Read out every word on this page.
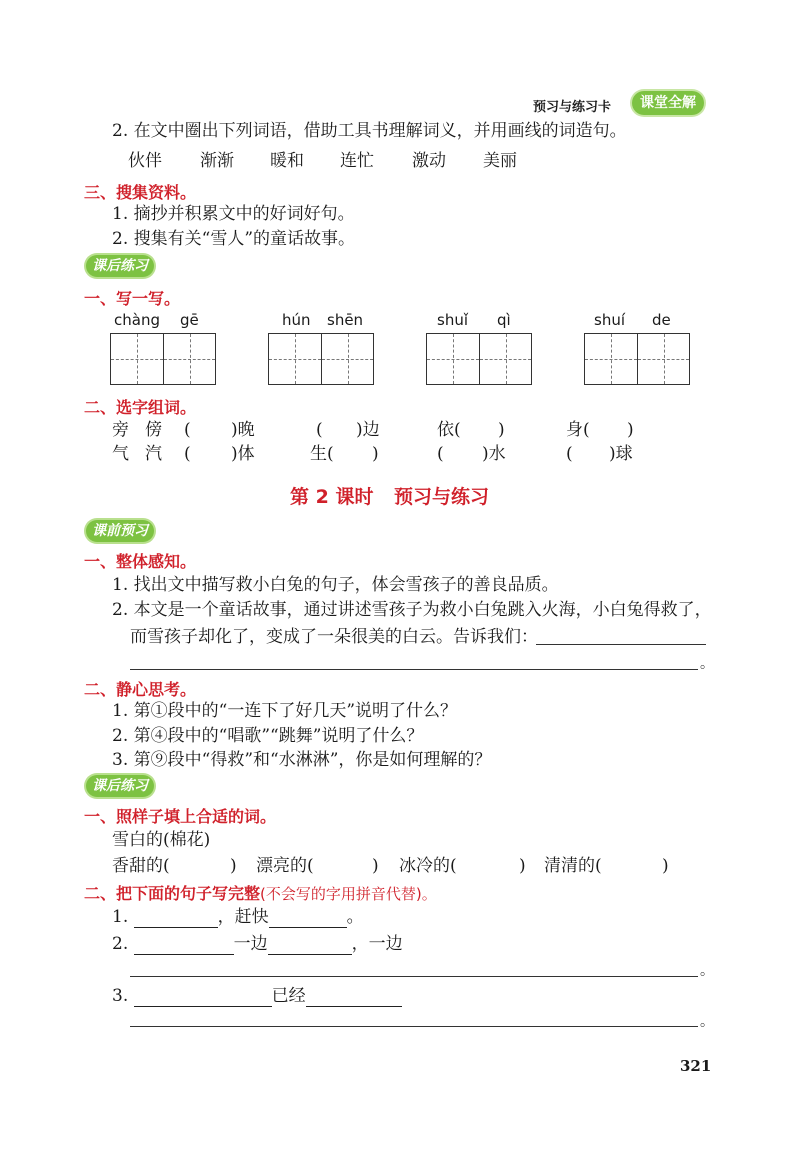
预习与练习卡	课堂全解
2. 在文中圈出下列词语，借助工具书理解词义，并用画线的词造句。
伙伴 渐渐 暖和 连忙 激动 美丽
三、搜集资料。
1. 摘抄并积累文中的好词好句。
2. 搜集有关“雪人”的童话故事。
课后练习
一、写一写。
chàng gē	hún shēn	shuǐ qì	shuí de
二、选字组词。
旁 傍 ( )晚	( )边	依( )	身( )
气 汽 ( )体	生( )	( )水	( )球
第 2 课时 预习与练习
课前预习
一、整体感知。
1. 找出文中描写救小白兔的句子，体会雪孩子的善良品质。
2. 本文是一个童话故事，通过讲述雪孩子为救小白兔跳入火海，小白兔得救了，
而雪孩子却化了，变成了一朵很美的白云。告诉我们：
。
二、静心思考。
1. 第①段中的“一连下了好几天”说明了什么？
2. 第④段中的“唱歌”“跳舞”说明了什么？
3. 第⑨段中“得救”和“水淋淋”，你是如何理解的？
课后练习
一、照样子填上合适的词。
雪白的(棉花)
香甜的(	) 漂亮的(	) 冰冷的(	) 清清的(	)
二、把下面的句子写完整(不会写的字用拼音代替)。
1.	，赶快	。
2.	一边	，一边
。
3.	已经
。
321
